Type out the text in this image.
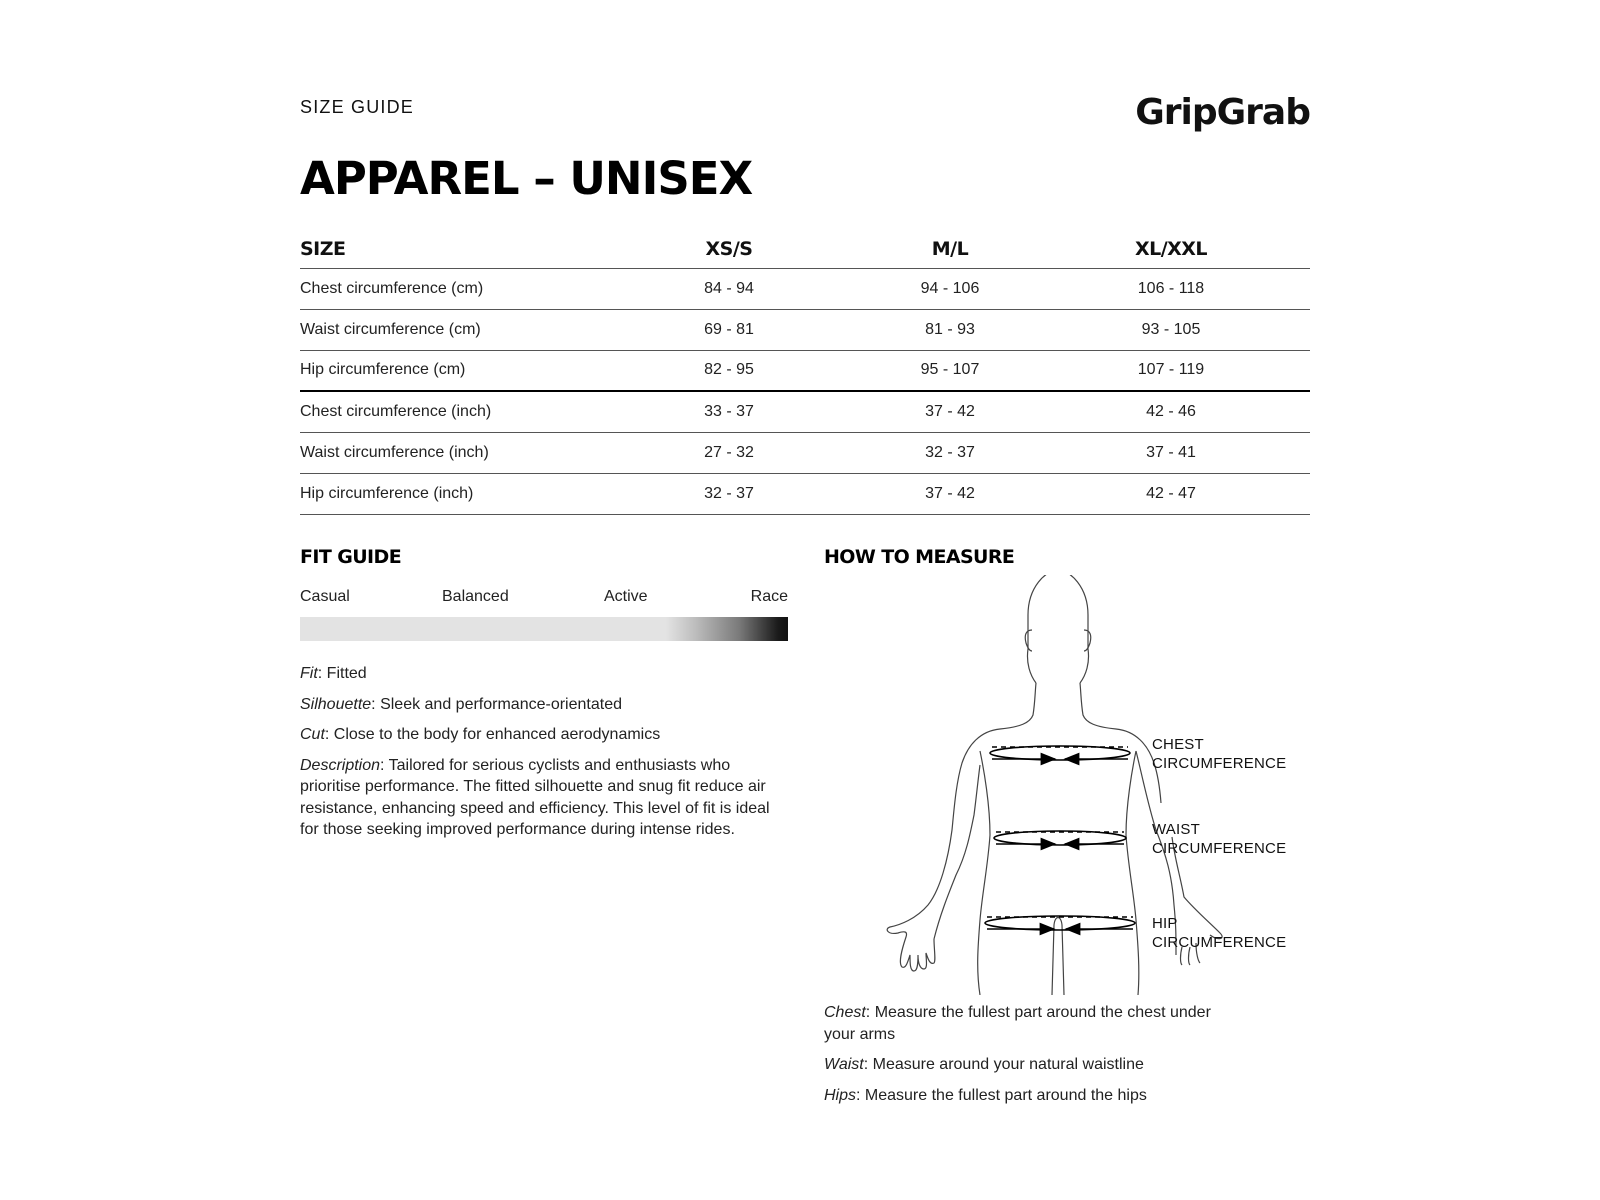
SIZE GUIDE	GripGrab
APPAREL – UNISEX
SIZE	XS/S	M/L	XL/XXL	
Chest circumference (cm)	84 - 94	94 - 106	106 - 118	
Waist circumference (cm)	69 - 81	81 - 93	93 - 105	
Hip circumference (cm)	82 - 95	95 - 107	107 - 119	
Chest circumference (inch)	33 - 37	37 - 42	42 - 46	
Waist circumference (inch)	27 - 32	32 - 37	37 - 41	
Hip circumference (inch)	32 - 37	37 - 42	42 - 47	
FIT GUIDE
Casual	Balanced	Active	Race

Fit: Fitted

Silhouette: Sleek and performance-orientated

Cut: Close to the body for enhanced aerodynamics

Description: Tailored for serious cyclists and enthusiasts who prioritise performance. The fitted silhouette and snug fit reduce air resistance, enhancing speed and efficiency. This level of fit is ideal for those seeking improved performance during intense rides.

HOW TO MEASURE
CHEST
CIRCUMFERENCE
WAIST
CIRCUMFERENCE
HIP
CIRCUMFERENCE

Chest: Measure the fullest part around the chest under your arms

Waist: Measure around your natural waistline

Hips: Measure the fullest part around the hips
